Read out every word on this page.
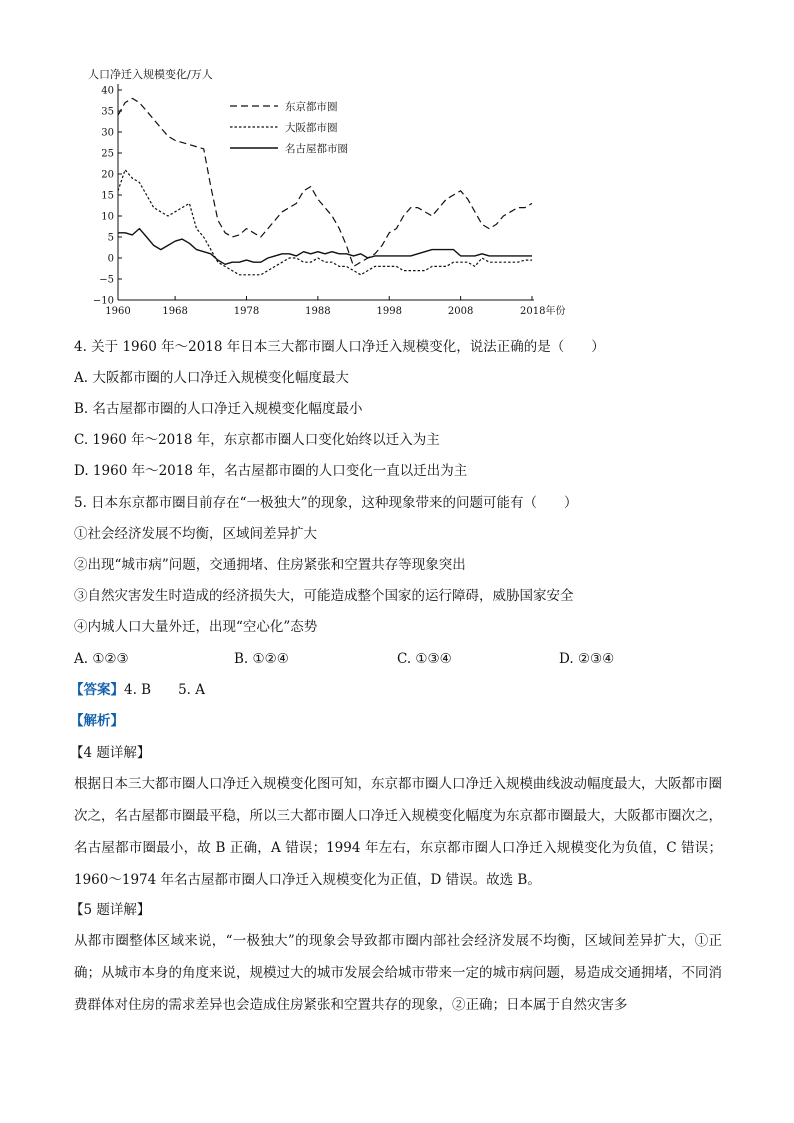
人口净迁入规模变化/万人
−10
−5
0
5
10
15
20
25
30
35
40
1960	1968	1978	1988	1998	2008	2018年份
东京都市圈
大阪都市圈
名古屋都市圈
4. 关于 1960 年～2018 年日本三大都市圈人口净迁入规模变化，说法正确的是（　　）
A. 大阪都市圈的人口净迁入规模变化幅度最大
B. 名古屋都市圈的人口净迁入规模变化幅度最小
C. 1960 年～2018 年，东京都市圈人口变化始终以迁入为主
D. 1960 年～2018 年，名古屋都市圈的人口变化一直以迁出为主
5. 日本东京都市圈目前存在“一极独大”的现象，这种现象带来的问题可能有（　　）
①社会经济发展不均衡，区域间差异扩大
②出现“城市病”问题，交通拥堵、住房紧张和空置共存等现象突出
③自然灾害发生时造成的经济损失大，可能造成整个国家的运行障碍，威胁国家安全
④内城人口大量外迁，出现“空心化”态势
A. ①②③	B. ①②④	C. ①③④	D. ②③④
【答案】4. B　　5. A
【解析】
【4 题详解】
根据日本三大都市圈人口净迁入规模变化图可知，东京都市圈人口净迁入规模曲线波动幅度最大，大阪都市圈次之，名古屋都市圈最平稳，所以三大都市圈人口净迁入规模变化幅度为东京都市圈最大，大阪都市圈次之，名古屋都市圈最小，故 B 正确，A 错误；1994 年左右，东京都市圈人口净迁入规模变化为负值，C 错误；1960～1974 年名古屋都市圈人口净迁入规模变化为正值，D 错误。故选 B。
【5 题详解】
从都市圈整体区域来说，“一极独大”的现象会导致都市圈内部社会经济发展不均衡，区域间差异扩大，①正确；从城市本身的角度来说，规模过大的城市发展会给城市带来一定的城市病问题，易造成交通拥堵，不同消费群体对住房的需求差异也会造成住房紧张和空置共存的现象，②正确；日本属于自然灾害多
